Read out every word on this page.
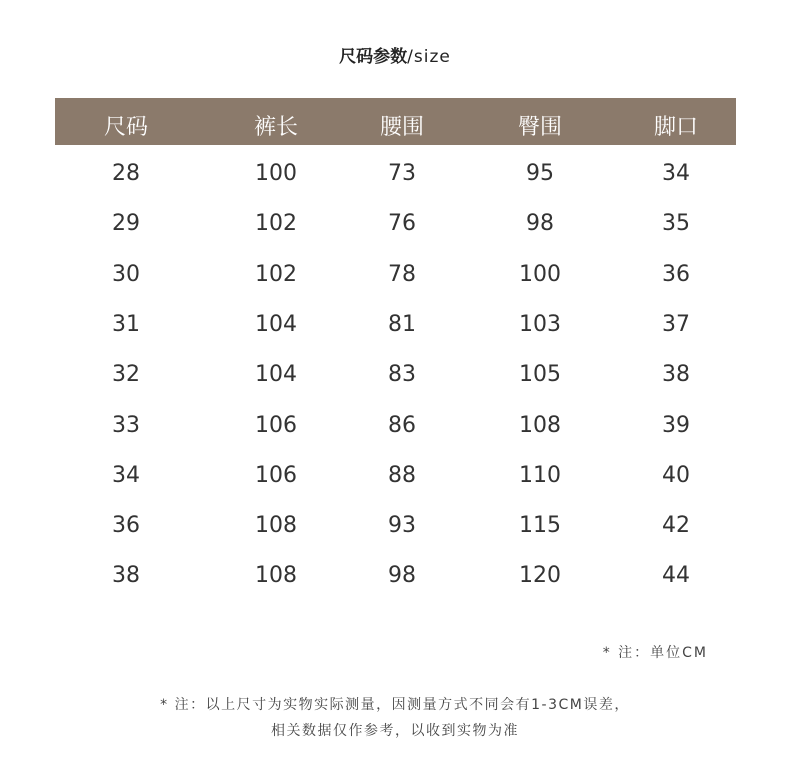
尺码参数/size
尺码	裤长	腰围	臀围	脚口
28	100	73	95	34
29	102	76	98	35
30	102	78	100	36
31	104	81	103	37
32	104	83	105	38
33	106	86	108	39
34	106	88	110	40
36	108	93	115	42
38	108	98	120	44
* 注：单位CM
* 注：以上尺寸为实物实际测量，因测量方式不同会有1-3CM误差，
相关数据仅作参考，以收到实物为准
